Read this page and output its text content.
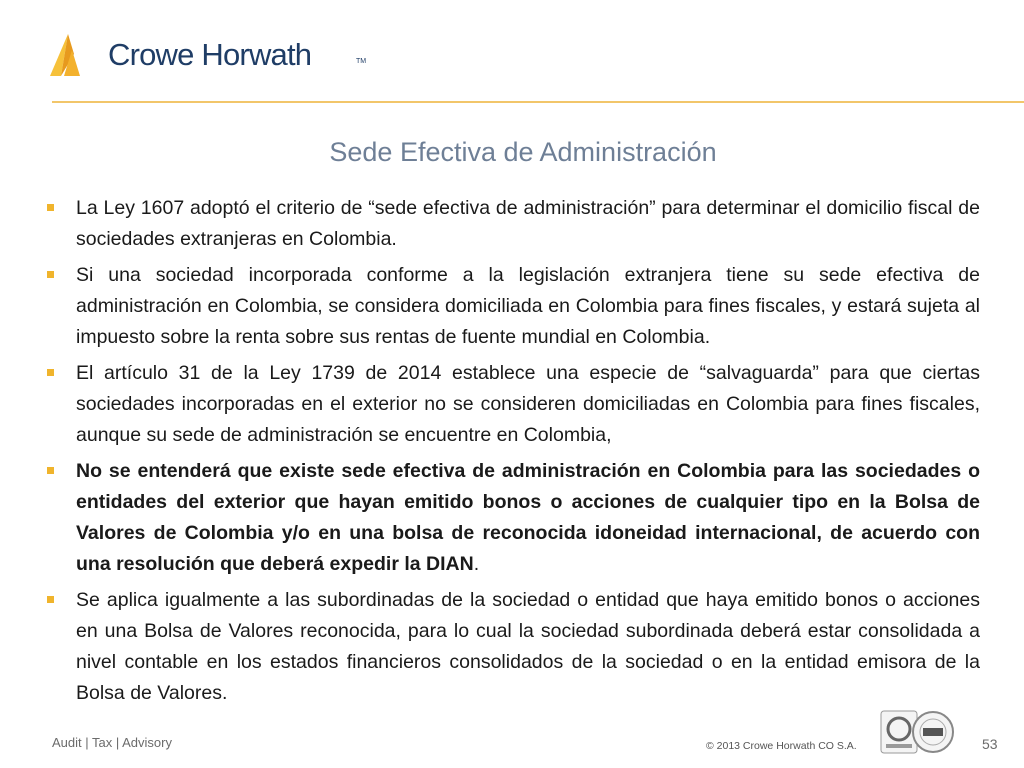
Crowe Horwath	TM
Sede Efectiva de Administración
La Ley 1607 adoptó el criterio de “sede efectiva de administración” para determinar el domicilio fiscal de sociedades extranjeras en Colombia.
Si una sociedad incorporada conforme a la legislación extranjera tiene su sede efectiva de administración en Colombia, se considera domiciliada en Colombia para fines fiscales, y estará sujeta al impuesto sobre la renta sobre sus rentas de fuente mundial en Colombia.
El artículo 31 de la Ley 1739 de 2014 establece una especie de “salvaguarda” para que ciertas sociedades incorporadas en el exterior no se consideren domiciliadas en Colombia para fines fiscales, aunque su sede de administración se encuentre en Colombia,
No se entenderá que existe sede efectiva de administración en Colombia para las sociedades o entidades del exterior que hayan emitido bonos o acciones de cualquier tipo en la Bolsa de Valores de Colombia y/o en una bolsa de reconocida idoneidad internacional, de acuerdo con una resolución que deberá expedir la DIAN.
Se aplica igualmente a las subordinadas de la sociedad o entidad que haya emitido bonos o acciones en una Bolsa de Valores reconocida, para lo cual la sociedad subordinada deberá estar consolidada a nivel contable en los estados financieros consolidados de la sociedad o en la entidad emisora de la Bolsa de Valores.
Audit | Tax | Advisory	© 2013 Crowe Horwath CO S.A.	53
